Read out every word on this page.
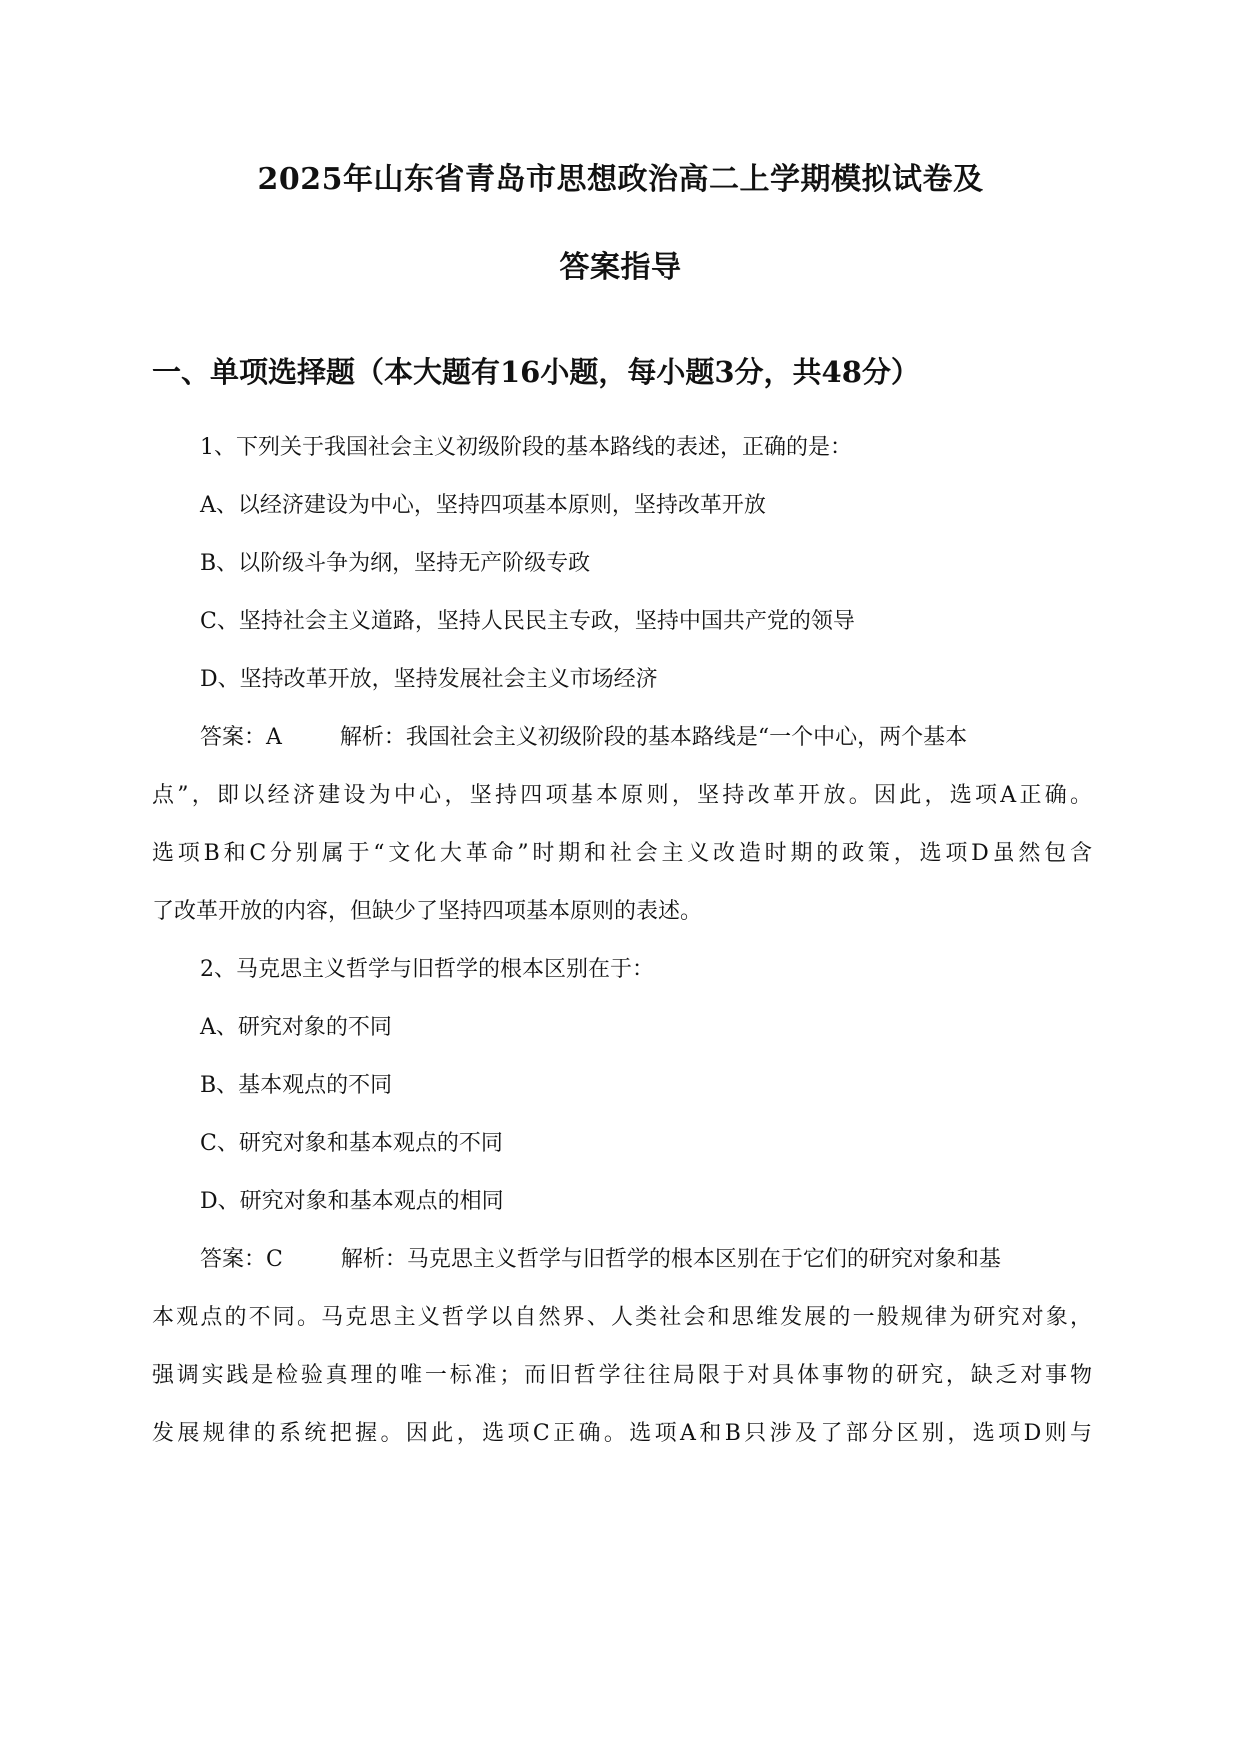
2025年山东省青岛市思想政治高二上学期模拟试卷及
答案指导
一、单项选择题（本大题有16小题，每小题3分，共48分）
1、下列关于我国社会主义初级阶段的基本路线的表述，正确的是：
A、以经济建设为中心，坚持四项基本原则，坚持改革开放
B、以阶级斗争为纲，坚持无产阶级专政
C、坚持社会主义道路，坚持人民民主专政，坚持中国共产党的领导
D、坚持改革开放，坚持发展社会主义市场经济
答案：A	解析：我国社会主义初级阶段的基本路线是“一个中心，两个基本
点”，即以经济建设为中心，坚持四项基本原则，坚持改革开放。因此，选项A正确。
选项B和C分别属于“文化大革命”时期和社会主义改造时期的政策，选项D虽然包含
了改革开放的内容，但缺少了坚持四项基本原则的表述。
2、马克思主义哲学与旧哲学的根本区别在于：
A、研究对象的不同
B、基本观点的不同
C、研究对象和基本观点的不同
D、研究对象和基本观点的相同
答案：C	解析：马克思主义哲学与旧哲学的根本区别在于它们的研究对象和基
本观点的不同。马克思主义哲学以自然界、人类社会和思维发展的一般规律为研究对象，
强调实践是检验真理的唯一标准；而旧哲学往往局限于对具体事物的研究，缺乏对事物
发展规律的系统把握。因此，选项C正确。选项A和B只涉及了部分区别，选项D则与
